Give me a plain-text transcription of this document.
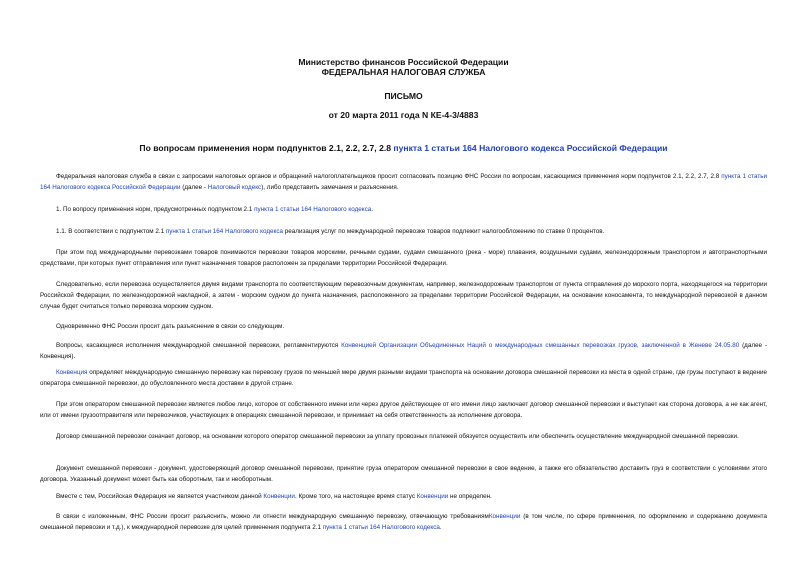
Министерство финансов Российской Федерации
ФЕДЕРАЛЬНАЯ НАЛОГОВАЯ СЛУЖБА
ПИСЬМО
от 20 марта 2011 года N КЕ-4-3/4883
По вопросам применения норм подпунктов 2.1, 2.2, 2.7, 2.8 пункта 1 статьи 164 Налогового кодекса Российской Федерации
Федеральная налоговая служба в связи с запросами налоговых органов и обращений налогоплательщиков просит согласовать позицию ФНС России по вопросам, касающимся применения норм подпунктов 2.1, 2.2, 2.7, 2.8 пункта 1 статьи 164 Налогового кодекса Российской Федерации (далее - Налоговый кодекс), либо представить замечания и разъяснения.
1. По вопросу применения норм, предусмотренных подпунктом 2.1 пункта 1 статьи 164 Налогового кодекса.
1.1. В соответствии с подпунктом 2.1 пункта 1 статьи 164 Налогового кодекса реализация услуг по международной перевозке товаров подлежит налогообложению по ставке 0 процентов.
При этом под международными перевозками товаров понимаются перевозки товаров морскими, речными судами, судами смешанного (река - море) плавания, воздушными судами, железнодорожным транспортом и автотранспортными средствами, при которых пункт отправления или пункт назначения товаров расположен за пределами территории Российской Федерации.
Следовательно, если перевозка осуществляется двумя видами транспорта по соответствующим перевозочным документам, например, железнодорожным транспортом от пункта отправления до морского порта, находящегося на территории Российской Федерации, по железнодорожной накладной, а затем - морским судном до пункта назначения, расположенного за пределами территории Российской Федерации, на основании коносамента, то международной перевозкой в данном случае будет считаться только перевозка морским судном.
Одновременно ФНС России просит дать разъяснение в связи со следующим.
Вопросы, касающиеся исполнения международной смешанной перевозки, регламентируются Конвенцией Организации Объединенных Наций о международных смешанных перевозках грузов, заключенной в Женеве 24.05.80 (далее - Конвенция).
Конвенция определяет международную смешанную перевозку как перевозку грузов по меньшей мере двумя разными видами транспорта на основании договора смешанной перевозки из места в одной стране, где грузы поступают в ведение оператора смешанной перевозки, до обусловленного места доставки в другой стране.
При этом оператором смешанной перевозки является любое лицо, которое от собственного имени или через другое действующее от его имени лицо заключает договор смешанной перевозки и выступает как сторона договора, а не как агент, или от имени грузоотправителя или перевозчиков, участвующих в операциях смешанной перевозки, и принимает на себя ответственность за исполнение договора.
Договор смешанной перевозки означает договор, на основании которого оператор смешанной перевозки за уплату провозных платежей обязуется осуществить или обеспечить осуществление международной смешанной перевозки.
Документ смешанной перевозки - документ, удостоверяющий договор смешанной перевозки, принятие груза оператором смешанной перевозки в свое ведение, а также его обязательство доставить груз в соответствии с условиями этого договора. Указанный документ может быть как оборотным, так и необоротным.
Вместе с тем, Российская Федерация не является участником данной Конвенции. Кроме того, на настоящее время статус Конвенции не определен.
В связи с изложенным, ФНС России просит разъяснить, можно ли отнести международную смешанную перевозку, отвечающую требованиямКонвенции (в том числе, по сфере применения, по оформлению и содержанию документа смешанной перевозки и т.д.), к международной перевозке для целей применения подпункта 2.1 пункта 1 статьи 164 Налогового кодекса.
